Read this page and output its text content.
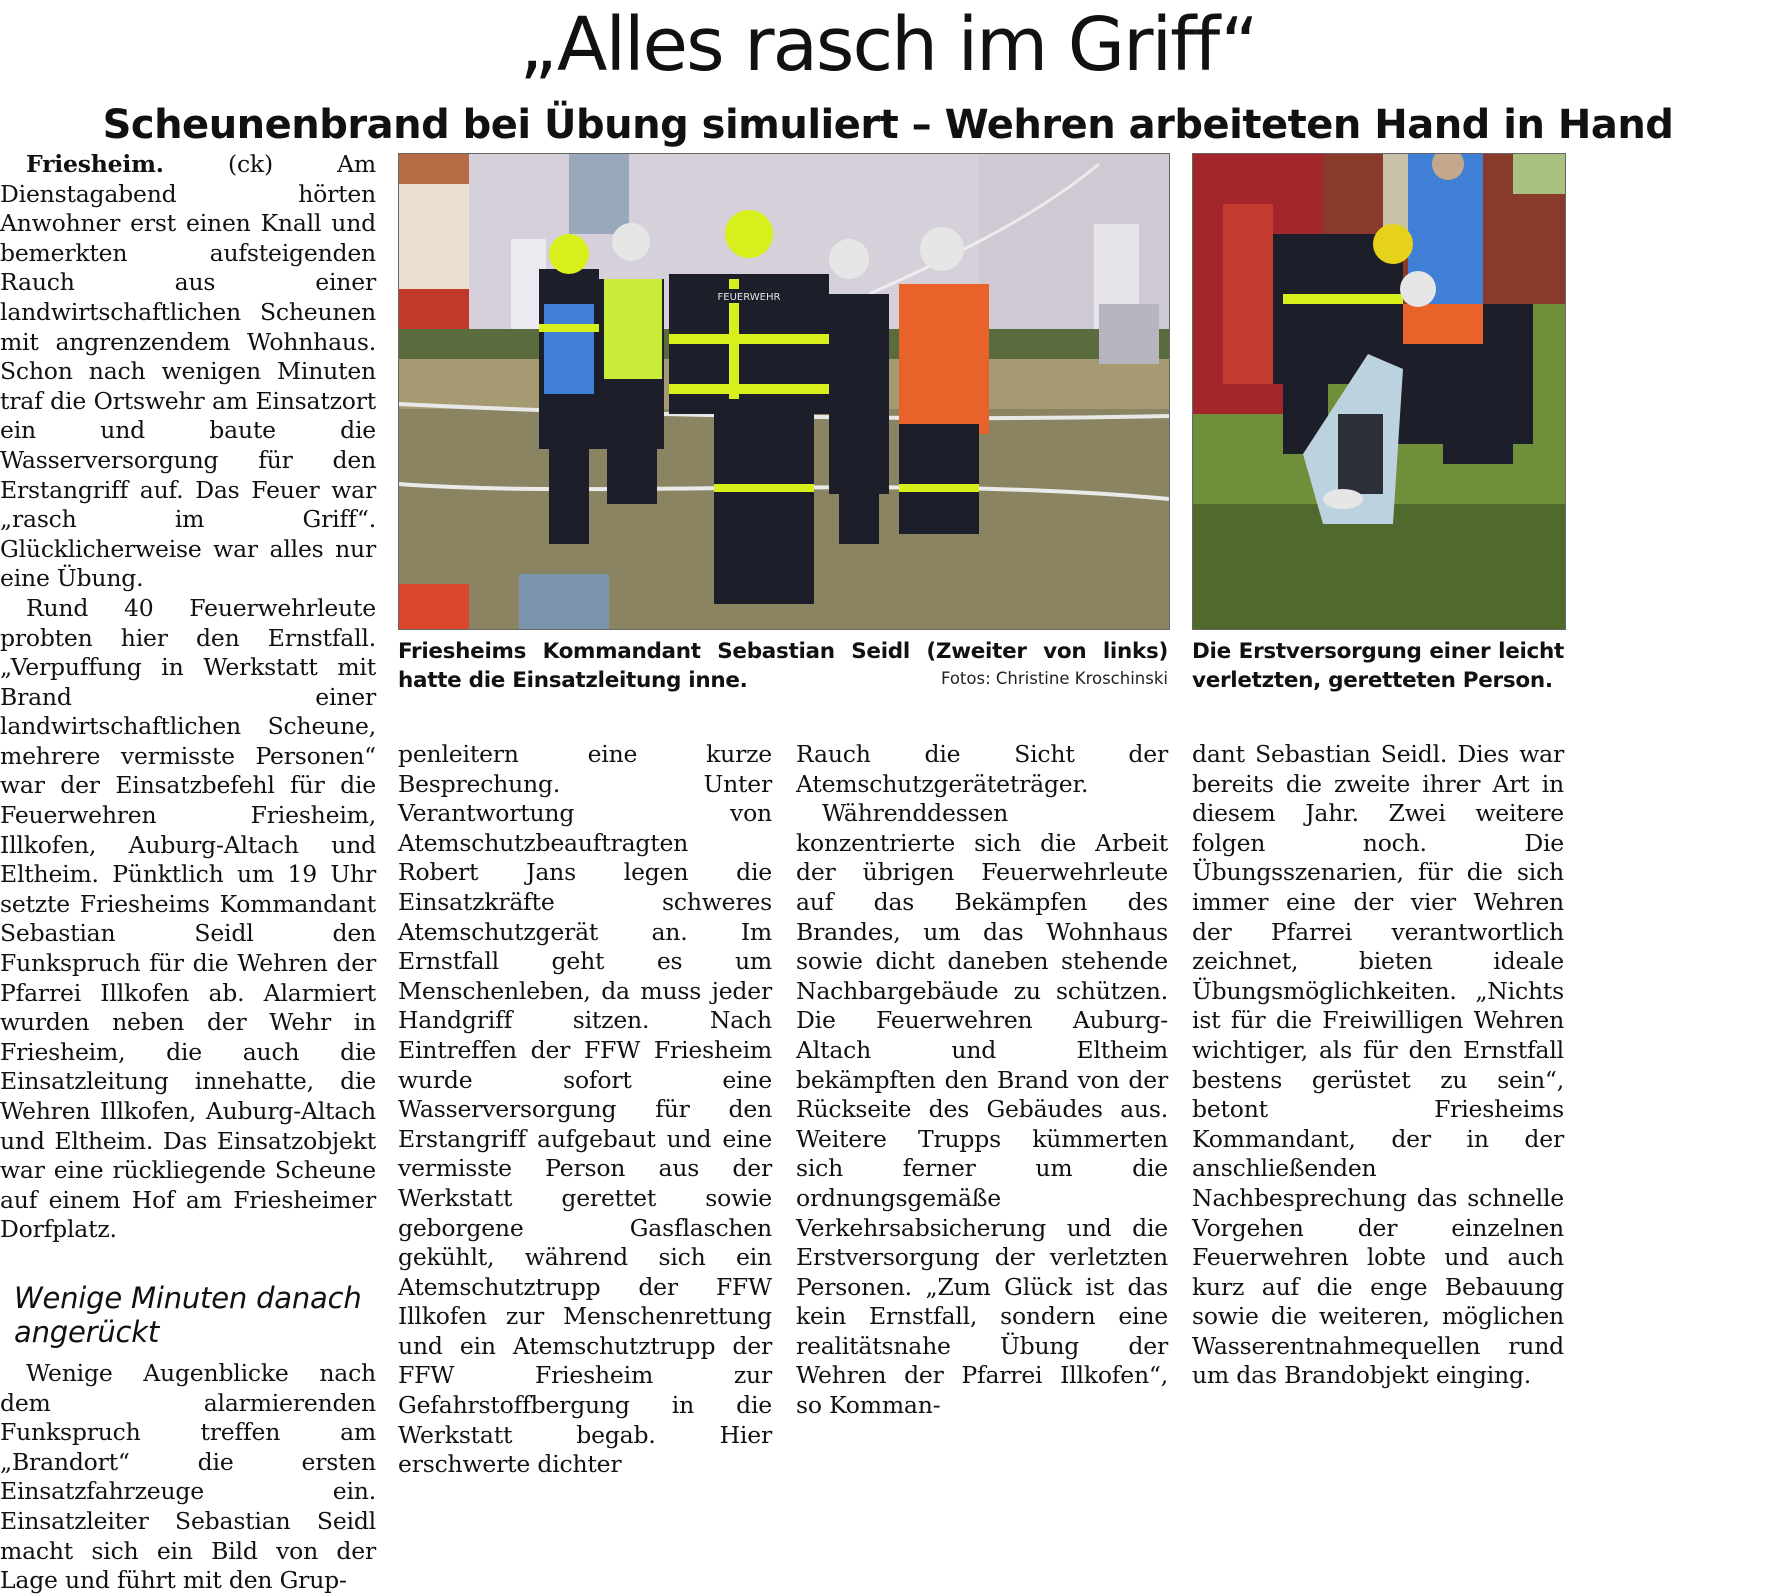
„Alles rasch im Griff“
Scheunenbrand bei Übung simuliert – Wehren arbeiteten Hand in Hand

Friesheim. (ck) Am Dienstagabend hörten Anwohner erst einen Knall und bemerkten aufsteigenden Rauch aus einer landwirtschaftlichen Scheunen mit angrenzendem Wohnhaus. Schon nach wenigen Minuten traf die Ortswehr am Einsatzort ein und baute die Wasserversorgung für den Erstangriff auf. Das Feuer war „rasch im Griff“. Glücklicherweise war alles nur eine Übung.

Rund 40 Feuerwehrleute probten hier den Ernstfall. „Verpuffung in Werkstatt mit Brand einer landwirtschaftlichen Scheune, mehrere vermisste Personen“ war der Einsatzbefehl für die Feuerwehren Friesheim, Illkofen, Auburg-Altach und Eltheim. Pünktlich um 19 Uhr setzte Friesheims Kommandant Sebastian Seidl den Funkspruch für die Wehren der Pfarrei Illkofen ab. Alarmiert wurden neben der Wehr in Friesheim, die auch die Einsatzleitung innehatte, die Wehren Illkofen, Auburg-Altach und Eltheim. Das Einsatzobjekt war eine rückliegende Scheune auf einem Hof am Friesheimer Dorfplatz.

Wenige Minuten danach angerückt

Wenige Augenblicke nach dem alarmierenden Funkspruch treffen am „Brandort“ die ersten Einsatzfahrzeuge ein. Einsatzleiter Sebastian Seidl macht sich ein Bild von der Lage und führt mit den Grup-

FEUERWEHR
Friesheims Kommandant Sebastian Seidl (Zweiter von links) hatte die Einsatzleitung inne.	Fotos: Christine Kroschinski
Die Erstversorgung einer leicht verletzten, geretteten Person.

penleitern eine kurze Besprechung. Unter Verantwortung von Atemschutzbeauftragten Robert Jans legen die Einsatzkräfte schweres Atemschutzgerät an. Im Ernstfall geht es um Menschenleben, da muss jeder Handgriff sitzen. Nach Eintreffen der FFW Friesheim wurde sofort eine Wasserversorgung für den Erstangriff aufgebaut und eine vermisste Person aus der Werkstatt gerettet sowie geborgene Gasflaschen gekühlt, während sich ein Atemschutztrupp der FFW Illkofen zur Menschenrettung und ein Atemschutztrupp der FFW Friesheim zur Gefahrstoffbergung in die Werkstatt begab. Hier erschwerte dichter

Rauch die Sicht der Atemschutzgeräteträger.

Währenddessen konzentrierte sich die Arbeit der übrigen Feuerwehrleute auf das Bekämpfen des Brandes, um das Wohnhaus sowie dicht daneben stehende Nachbargebäude zu schützen. Die Feuerwehren Auburg-Altach und Eltheim bekämpften den Brand von der Rückseite des Gebäudes aus. Weitere Trupps kümmerten sich ferner um die ordnungsgemäße Verkehrsabsicherung und die Erstversorgung der verletzten Personen. „Zum Glück ist das kein Ernstfall, sondern eine realitätsnahe Übung der Wehren der Pfarrei Illkofen“, so Komman-

dant Sebastian Seidl. Dies war bereits die zweite ihrer Art in diesem Jahr. Zwei weitere folgen noch. Die Übungsszenarien, für die sich immer eine der vier Wehren der Pfarrei verantwortlich zeichnet, bieten ideale Übungsmöglichkeiten. „Nichts ist für die Freiwilligen Wehren wichtiger, als für den Ernstfall bestens gerüstet zu sein“, betont Friesheims Kommandant, der in der anschließenden Nachbesprechung das schnelle Vorgehen der einzelnen Feuerwehren lobte und auch kurz auf die enge Bebauung sowie die weiteren, möglichen Wasserentnahmequellen rund um das Brandobjekt einging.
